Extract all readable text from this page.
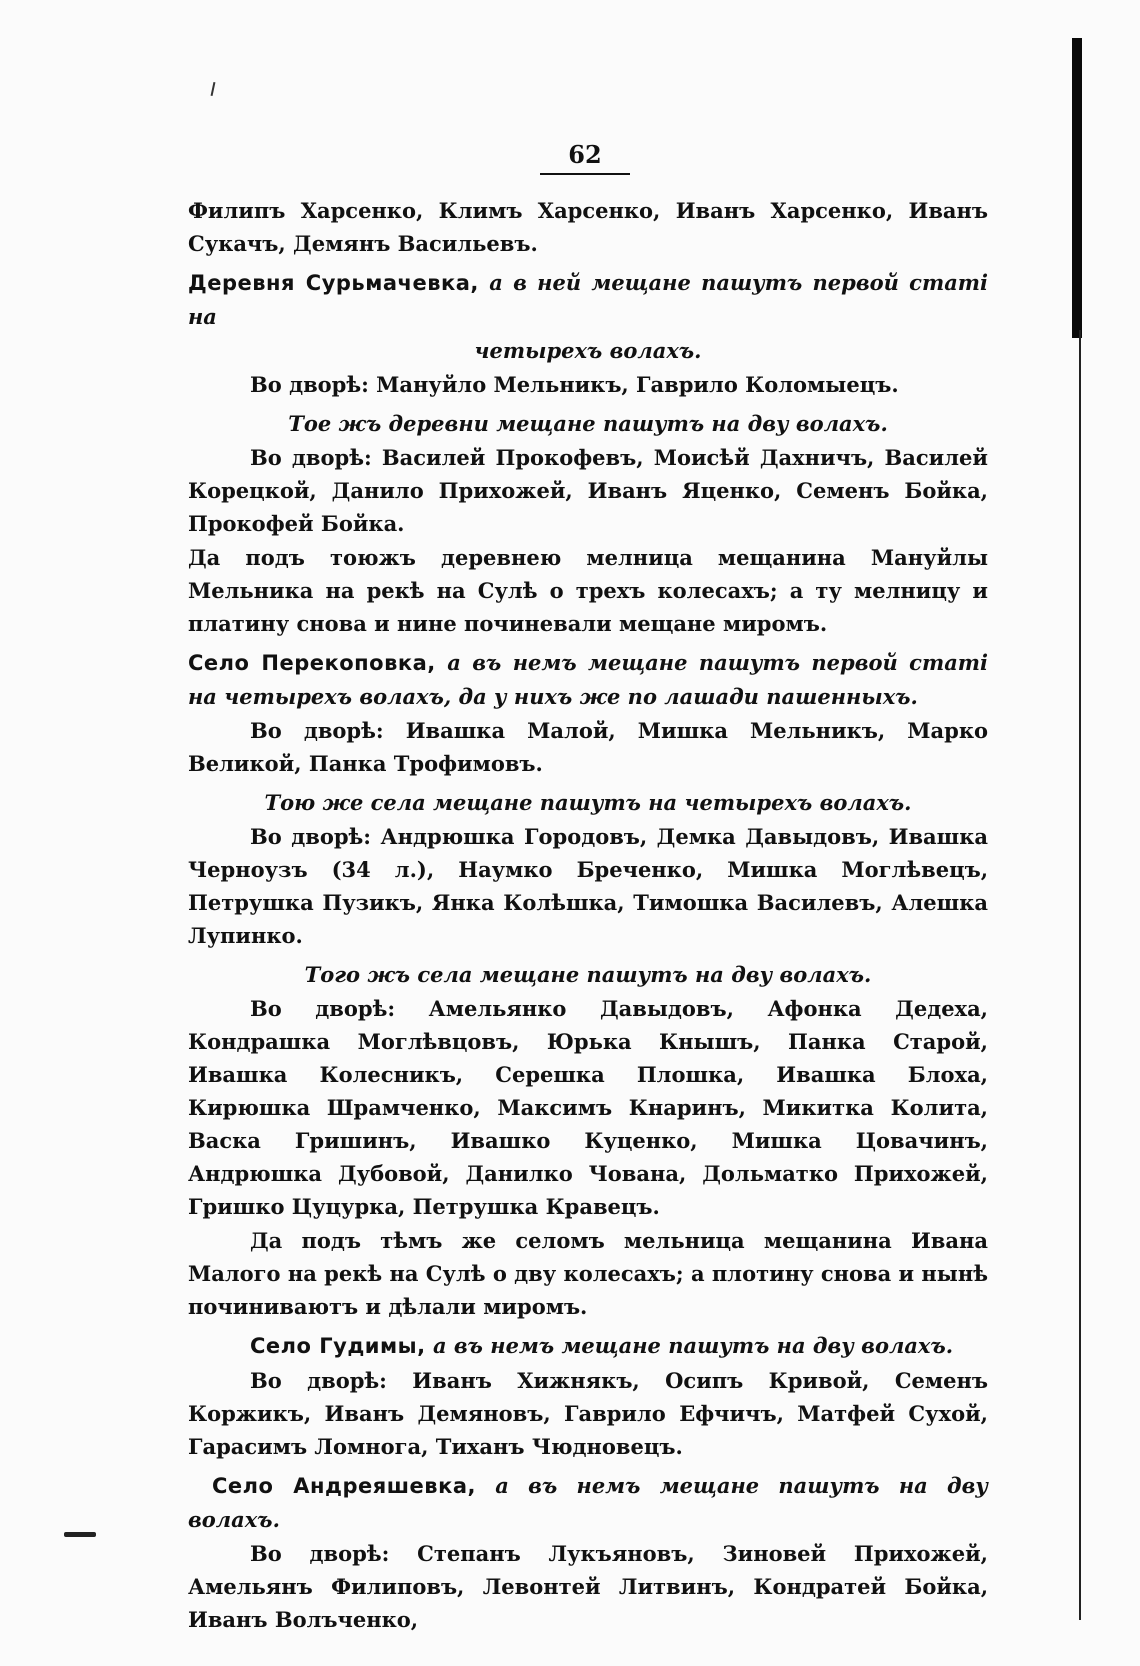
62

Филипъ Харсенко, Климъ Харсенко, Иванъ Харсенко, Иванъ Сукачъ, Демянъ Васильевъ.

Деревня Сурьмачевка, а в ней мещане пашутъ первой статі на

четырехъ волахъ.

Во дворѣ: Мануйло Мельникъ, Гаврило Коломыецъ.

Тое жъ деревни мещане пашутъ на дву волахъ.

Во дворѣ: Василей Прокофевъ, Моисѣй Дахничъ, Василей Корецкой, Данило Прихожей, Иванъ Яценко, Семенъ Бойка, Прокофей Бойка.

Да подъ тоюжъ деревнею мелница мещанина Мануйлы Мельника на рекѣ на Сулѣ о трехъ колесахъ; а ту мелницу и платину снова и нине починевали мещане миромъ.

Село Перекоповка, а въ немъ мещане пашутъ первой статі на четырехъ волахъ, да у нихъ же по лашади пашенныхъ.

Во дворѣ: Ивашка Малой, Мишка Мельникъ, Марко Великой, Панка Трофимовъ.

Тою же села мещане пашутъ на четырехъ волахъ.

Во дворѣ: Андрюшка Городовъ, Демка Давыдовъ, Ивашка Черноузъ (34 л.), Наумко Бреченко, Мишка Моглѣвецъ, Петрушка Пузикъ, Янка Колѣшка, Тимошка Василевъ, Алешка Лупинко.

Того жъ села мещане пашутъ на дву волахъ.

Во дворѣ: Амельянко Давыдовъ, Афонка Дедеха, Кондрашка Моглѣвцовъ, Юрька Кнышъ, Панка Старой, Ивашка Колесникъ, Серешка Плошка, Ивашка Блоха, Кирюшка Шрамченко, Максимъ Кнаринъ, Микитка Колита, Васка Гришинъ, Ивашко Куценко, Мишка Цовачинъ, Андрюшка Дубовой, Данилко Чована, Дольматко Прихожей, Гришко Цуцурка, Петрушка Кравецъ.

Да подъ тѣмъ же селомъ мельница мещанина Ивана Малого на рекѣ на Сулѣ о дву колесахъ; а плотину снова и нынѣ починиваютъ и дѣлали миромъ.

Село Гудимы, а въ немъ мещане пашутъ на дву волахъ.

Во дворѣ: Иванъ Хижнякъ, Осипъ Кривой, Семенъ Коржикъ, Иванъ Демяновъ, Гаврило Ефчичъ, Матфей Сухой, Гарасимъ Ломнога, Тиханъ Чюдновецъ.

Село Андреяшевка, а въ немъ мещане пашутъ на дву волахъ.

Во дворѣ: Степанъ Лукъяновъ, Зиновей Прихожей, Амельянъ Филиповъ, Левонтей Литвинъ, Кондратей Бойка, Иванъ Волъченко,
